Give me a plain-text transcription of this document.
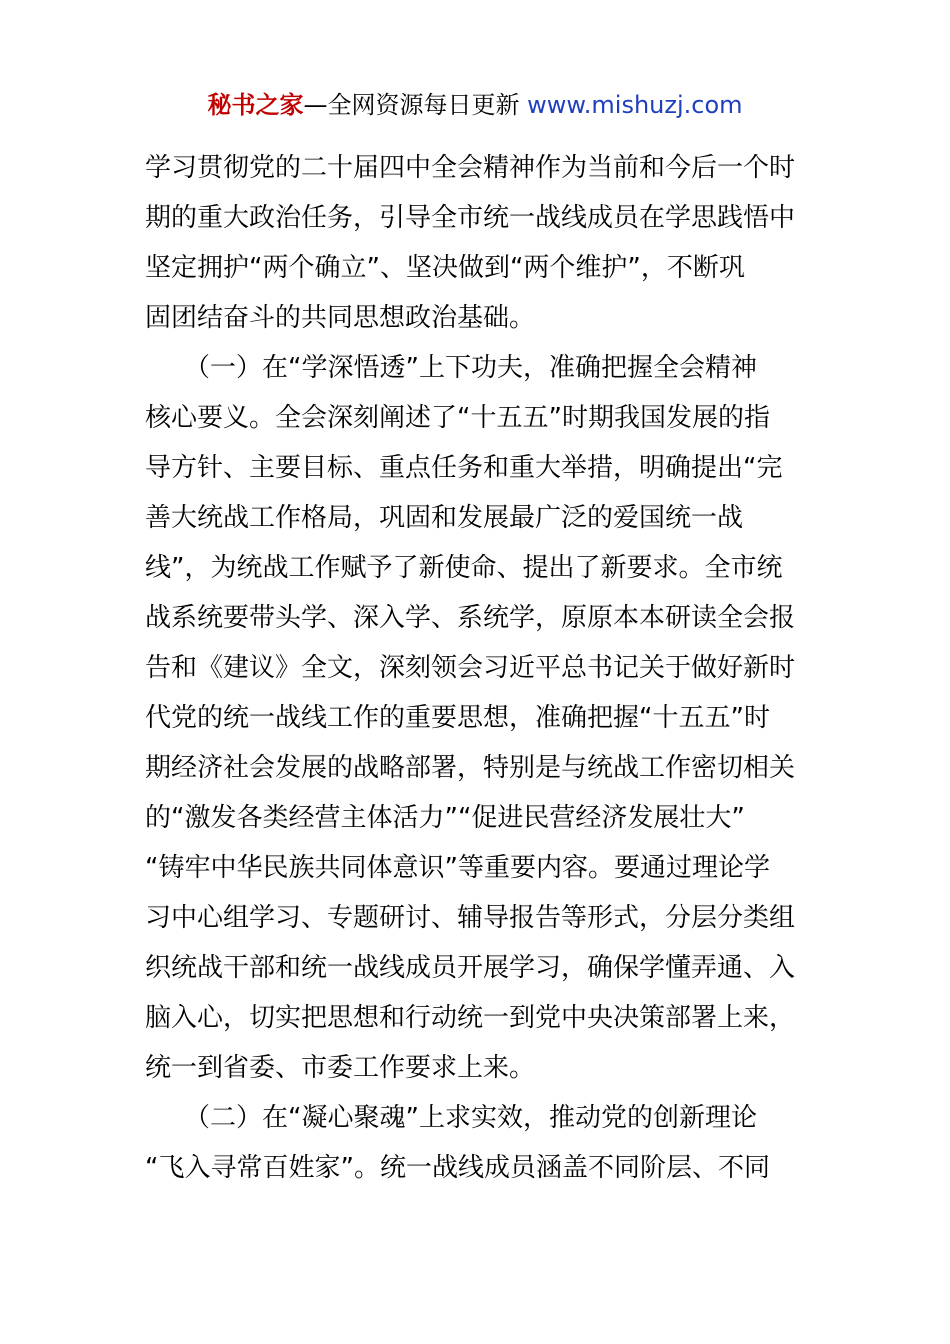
秘书之家—全网资源每日更新 www.mishuzj.com
学习贯彻党的二十届四中全会精神作为当前和今后一个时
期的重大政治任务，引导全市统一战线成员在学思践悟中
坚定拥护“两个确立”、坚决做到“两个维护”，不断巩
固团结奋斗的共同思想政治基础。
　　（一）在“学深悟透”上下功夫，准确把握全会精神
核心要义。全会深刻阐述了“十五五”时期我国发展的指
导方针、主要目标、重点任务和重大举措，明确提出“完
善大统战工作格局，巩固和发展最广泛的爱国统一战
线”，为统战工作赋予了新使命、提出了新要求。全市统
战系统要带头学、深入学、系统学，原原本本研读全会报
告和《建议》全文，深刻领会习近平总书记关于做好新时
代党的统一战线工作的重要思想，准确把握“十五五”时
期经济社会发展的战略部署，特别是与统战工作密切相关
的“激发各类经营主体活力”“促进民营经济发展壮大”
“铸牢中华民族共同体意识”等重要内容。要通过理论学
习中心组学习、专题研讨、辅导报告等形式，分层分类组
织统战干部和统一战线成员开展学习，确保学懂弄通、入
脑入心，切实把思想和行动统一到党中央决策部署上来，
统一到省委、市委工作要求上来。
　　（二）在“凝心聚魂”上求实效，推动党的创新理论
“飞入寻常百姓家”。统一战线成员涵盖不同阶层、不同
